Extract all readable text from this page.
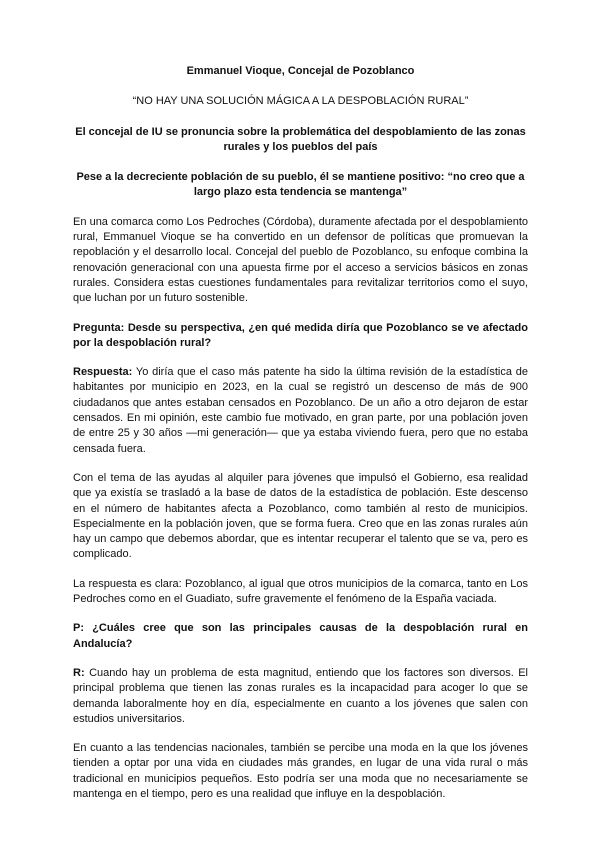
Emmanuel Vioque, Concejal de Pozoblanco

“NO HAY UNA SOLUCIÓN MÁGICA A LA DESPOBLACIÓN RURAL”

El concejal de IU se pronuncia sobre la problemática del despoblamiento de las zonas rurales y los pueblos del país

Pese a la decreciente población de su pueblo, él se mantiene positivo: “no creo que a largo plazo esta tendencia se mantenga”

En una comarca como Los Pedroches (Córdoba), duramente afectada por el despoblamiento rural, Emmanuel Vioque se ha convertido en un defensor de políticas que promuevan la repoblación y el desarrollo local. Concejal del pueblo de Pozoblanco, su enfoque combina la renovación generacional con una apuesta firme por el acceso a servicios básicos en zonas rurales. Considera estas cuestiones fundamentales para revitalizar territorios como el suyo, que luchan por un futuro sostenible.

Pregunta: Desde su perspectiva, ¿en qué medida diría que Pozoblanco se ve afectado por la despoblación rural?

Respuesta: Yo diría que el caso más patente ha sido la última revisión de la estadística de habitantes por municipio en 2023, en la cual se registró un descenso de más de 900 ciudadanos que antes estaban censados en Pozoblanco. De un año a otro dejaron de estar censados. En mi opinión, este cambio fue motivado, en gran parte, por una población joven de entre 25 y 30 años —mi generación— que ya estaba viviendo fuera, pero que no estaba censada fuera.

Con el tema de las ayudas al alquiler para jóvenes que impulsó el Gobierno, esa realidad que ya existía se trasladó a la base de datos de la estadística de población. Este descenso en el número de habitantes afecta a Pozoblanco, como también al resto de municipios. Especialmente en la población joven, que se forma fuera. Creo que en las zonas rurales aún hay un campo que debemos abordar, que es intentar recuperar el talento que se va, pero es complicado.

La respuesta es clara: Pozoblanco, al igual que otros municipios de la comarca, tanto en Los Pedroches como en el Guadiato, sufre gravemente el fenómeno de la España vaciada.

P: ¿Cuáles cree que son las principales causas de la despoblación rural en Andalucía?

R: Cuando hay un problema de esta magnitud, entiendo que los factores son diversos. El principal problema que tienen las zonas rurales es la incapacidad para acoger lo que se demanda laboralmente hoy en día, especialmente en cuanto a los jóvenes que salen con estudios universitarios.

En cuanto a las tendencias nacionales, también se percibe una moda en la que los jóvenes tienden a optar por una vida en ciudades más grandes, en lugar de una vida rural o más tradicional en municipios pequeños. Esto podría ser una moda que no necesariamente se mantenga en el tiempo, pero es una realidad que influye en la despoblación.
